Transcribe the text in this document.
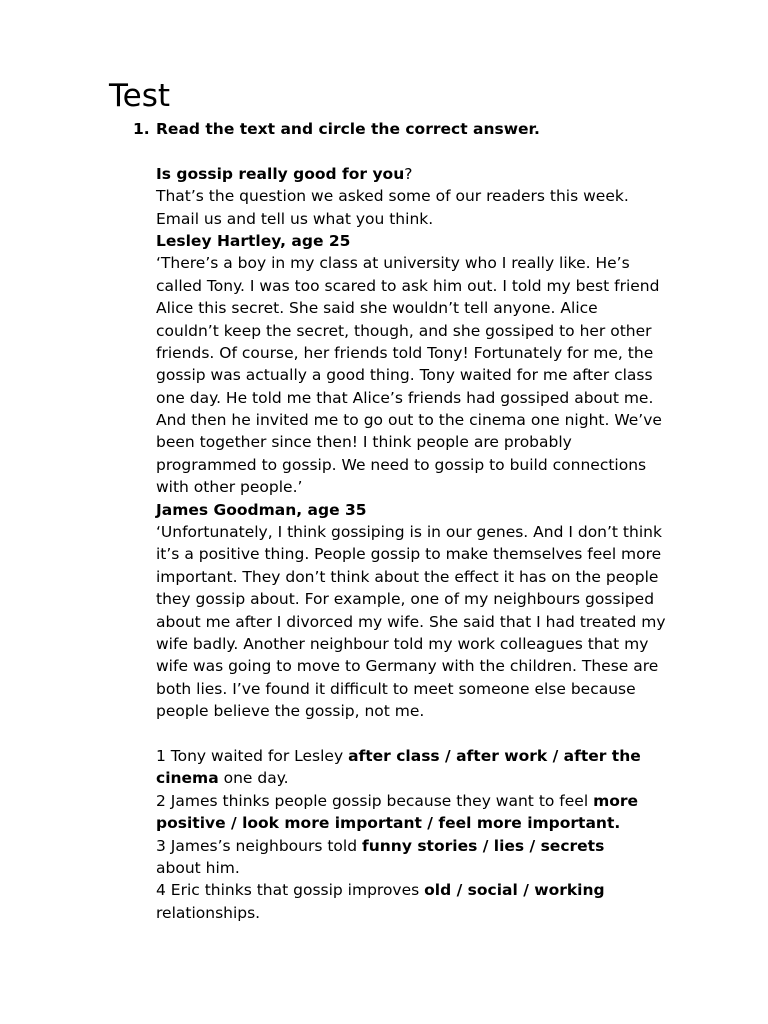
Test
1. Read the text and circle the correct answer.
Is gossip really good for you?
That’s the question we asked some of our readers this week.
Email us and tell us what you think.
Lesley Hartley, age 25
‘There’s a boy in my class at university who I really like. He’s
called Tony. I was too scared to ask him out. I told my best friend
Alice this secret. She said she wouldn’t tell anyone. Alice
couldn’t keep the secret, though, and she gossiped to her other
friends. Of course, her friends told Tony! Fortunately for me, the
gossip was actually a good thing. Tony waited for me after class
one day. He told me that Alice’s friends had gossiped about me.
And then he invited me to go out to the cinema one night. We’ve
been together since then! I think people are probably
programmed to gossip. We need to gossip to build connections
with other people.’
James Goodman, age 35
‘Unfortunately, I think gossiping is in our genes. And I don’t think
it’s a positive thing. People gossip to make themselves feel more
important. They don’t think about the effect it has on the people
they gossip about. For example, one of my neighbours gossiped
about me after I divorced my wife. She said that I had treated my
wife badly. Another neighbour told my work colleagues that my
wife was going to move to Germany with the children. These are
both lies. I’ve found it difficult to meet someone else because
people believe the gossip, not me.
1 Tony waited for Lesley after class / after work / after the
cinema one day.
2 James thinks people gossip because they want to feel more
positive / look more important / feel more important.
3 James’s neighbours told funny stories / lies / secrets
about him.
4 Eric thinks that gossip improves old / social / working
relationships.
